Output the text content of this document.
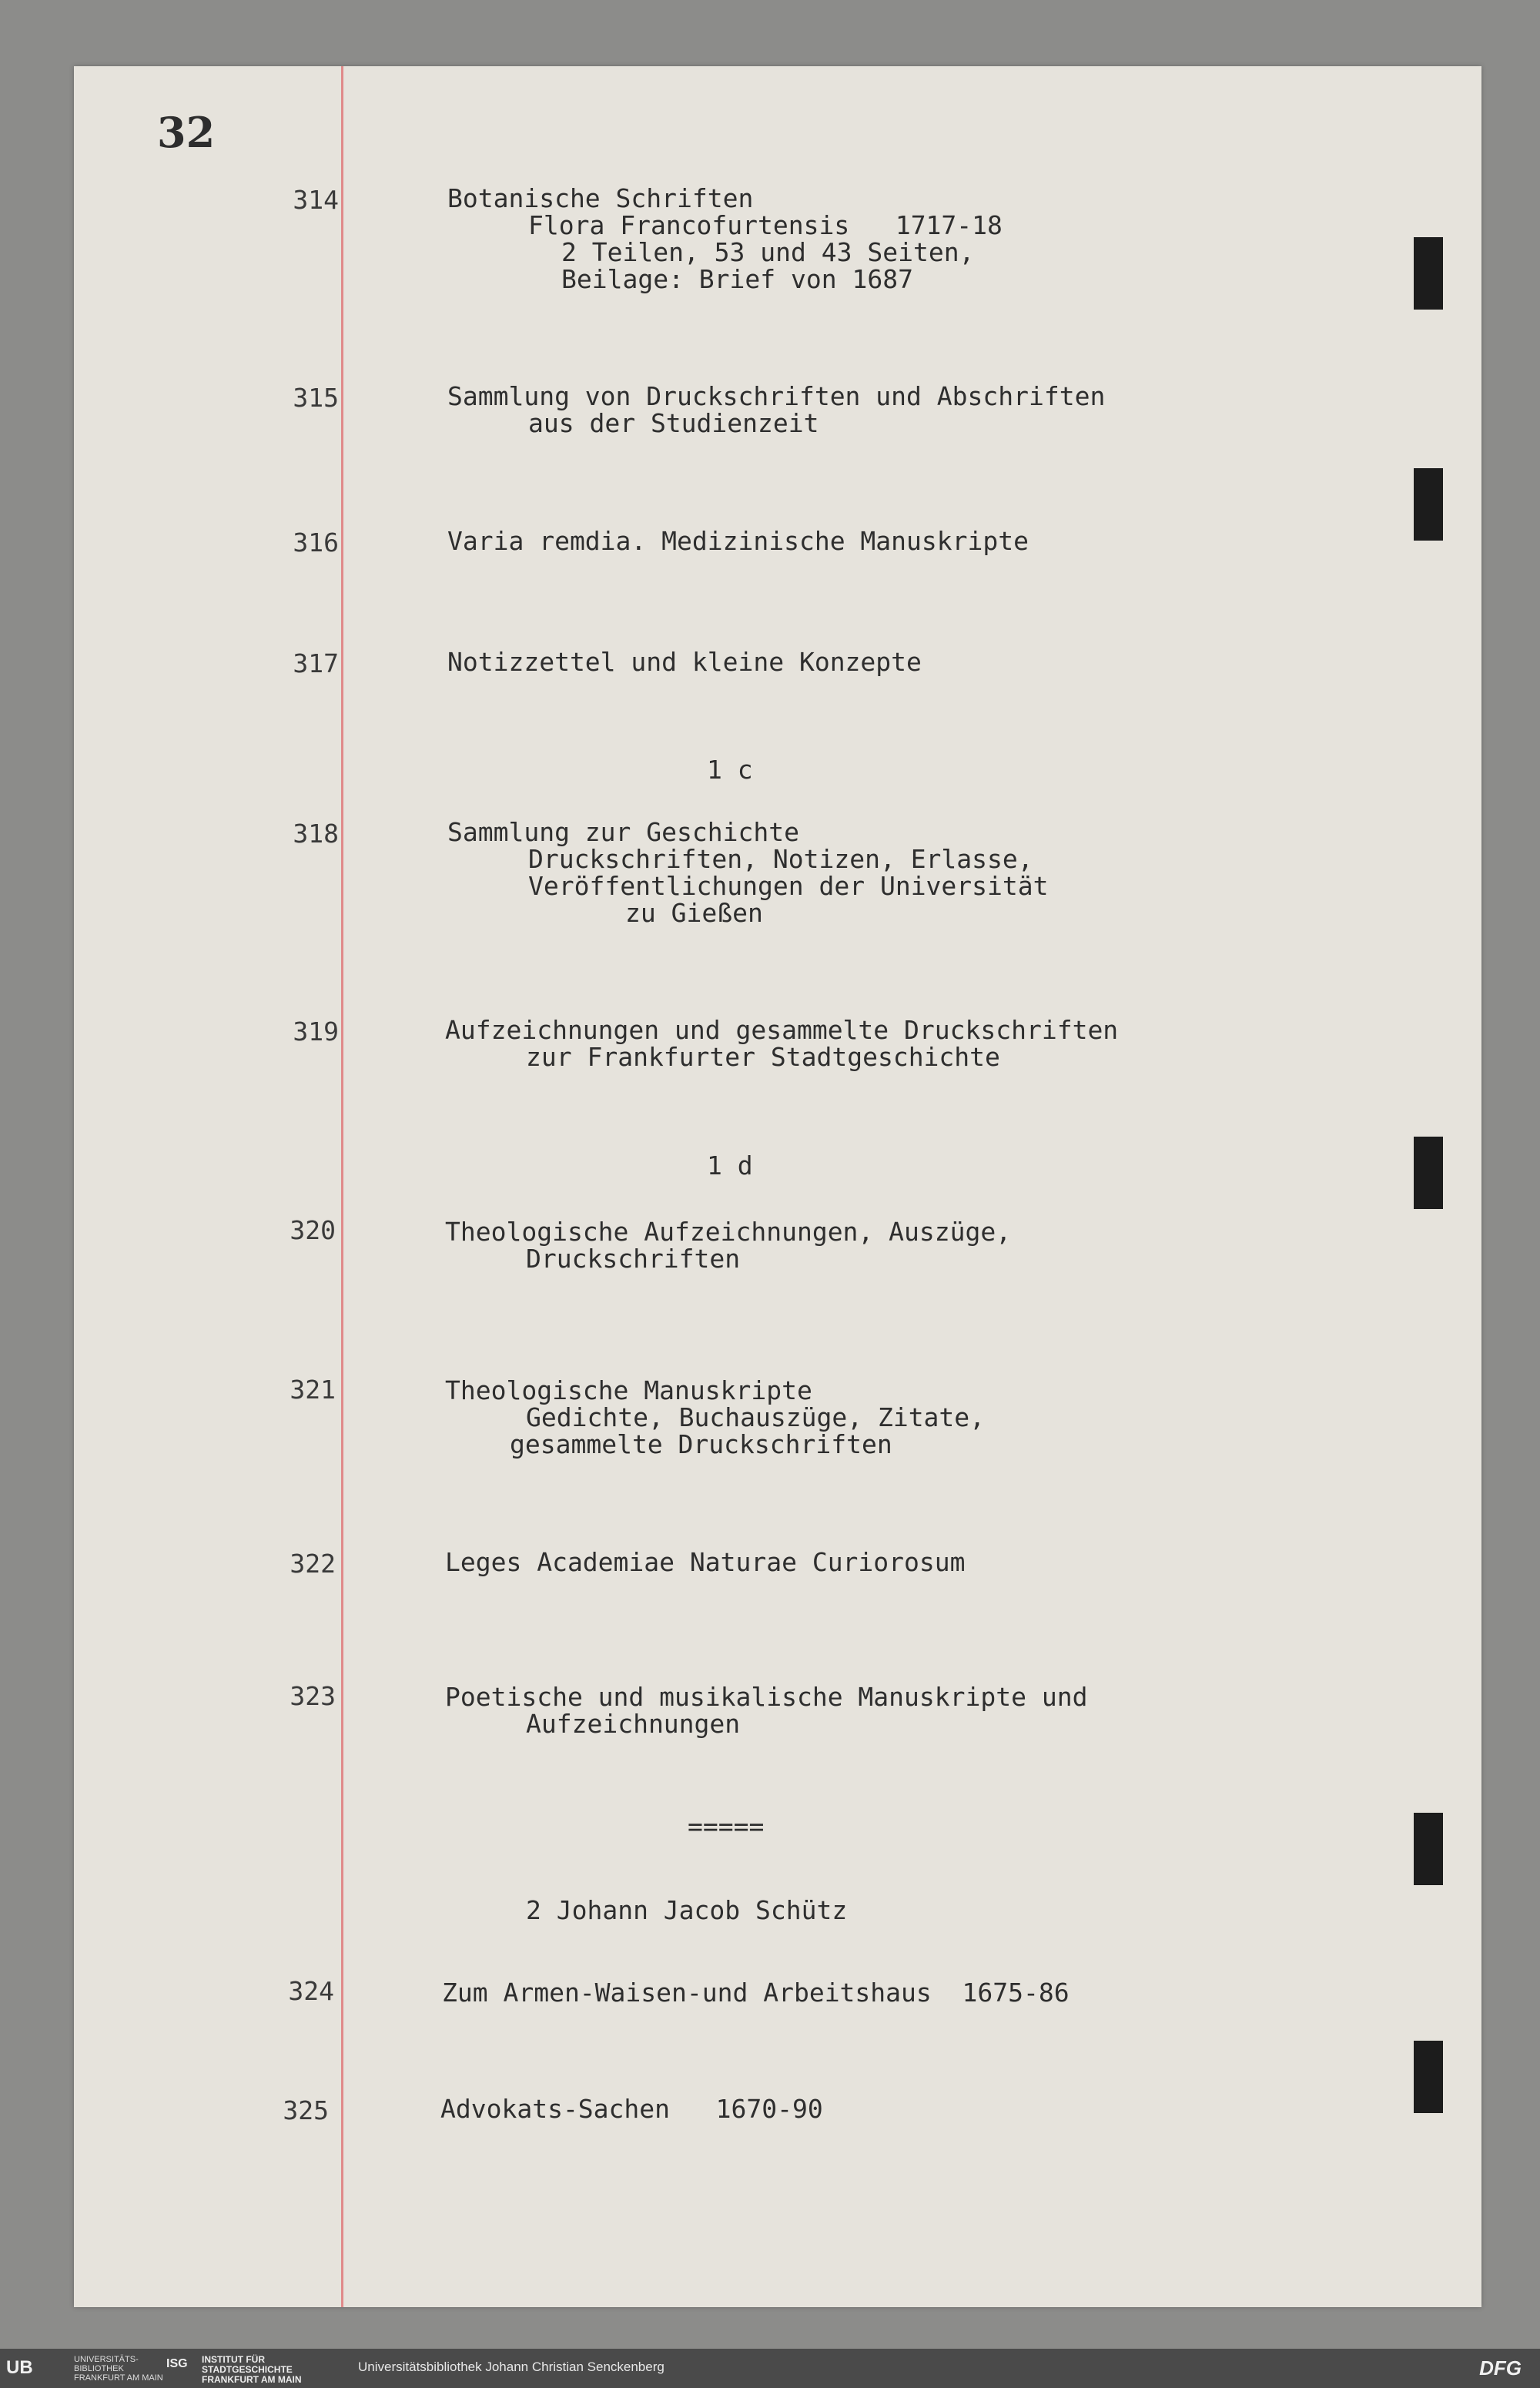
32
314	Botanische Schriften
Flora Francofurtensis   1717-18
2 Teilen, 53 und 43 Seiten,
Beilage: Brief von 1687
315	Sammlung von Druckschriften und Abschriften
aus der Studienzeit
316	Varia remdia. Medizinische Manuskripte
317	Notizzettel und kleine Konzepte
1 c
318	Sammlung zur Geschichte
Druckschriften, Notizen, Erlasse,
Veröffentlichungen der Universität
zu Gießen
319	Aufzeichnungen und gesammelte Druckschriften
zur Frankfurter Stadtgeschichte
1 d
320	Theologische Aufzeichnungen, Auszüge,
Druckschriften
321	Theologische Manuskripte
Gedichte, Buchauszüge, Zitate,
gesammelte Druckschriften
322	Leges Academiae Naturae Curiorosum
323	Poetische und musikalische Manuskripte und
Aufzeichnungen
=====
2 Johann Jacob Schütz
324	Zum Armen-Waisen-und Arbeitshaus  1675-86
325	Advokats-Sachen   1670-90
UB	UNIVERSITÄTS-
BIBLIOTHEK
FRANKFURT AM MAIN
ISG INSTITUT FÜR
STADTGESCHICHTE
FRANKFURT AM MAIN
Universitätsbibliothek Johann Christian Senckenberg	DFG
